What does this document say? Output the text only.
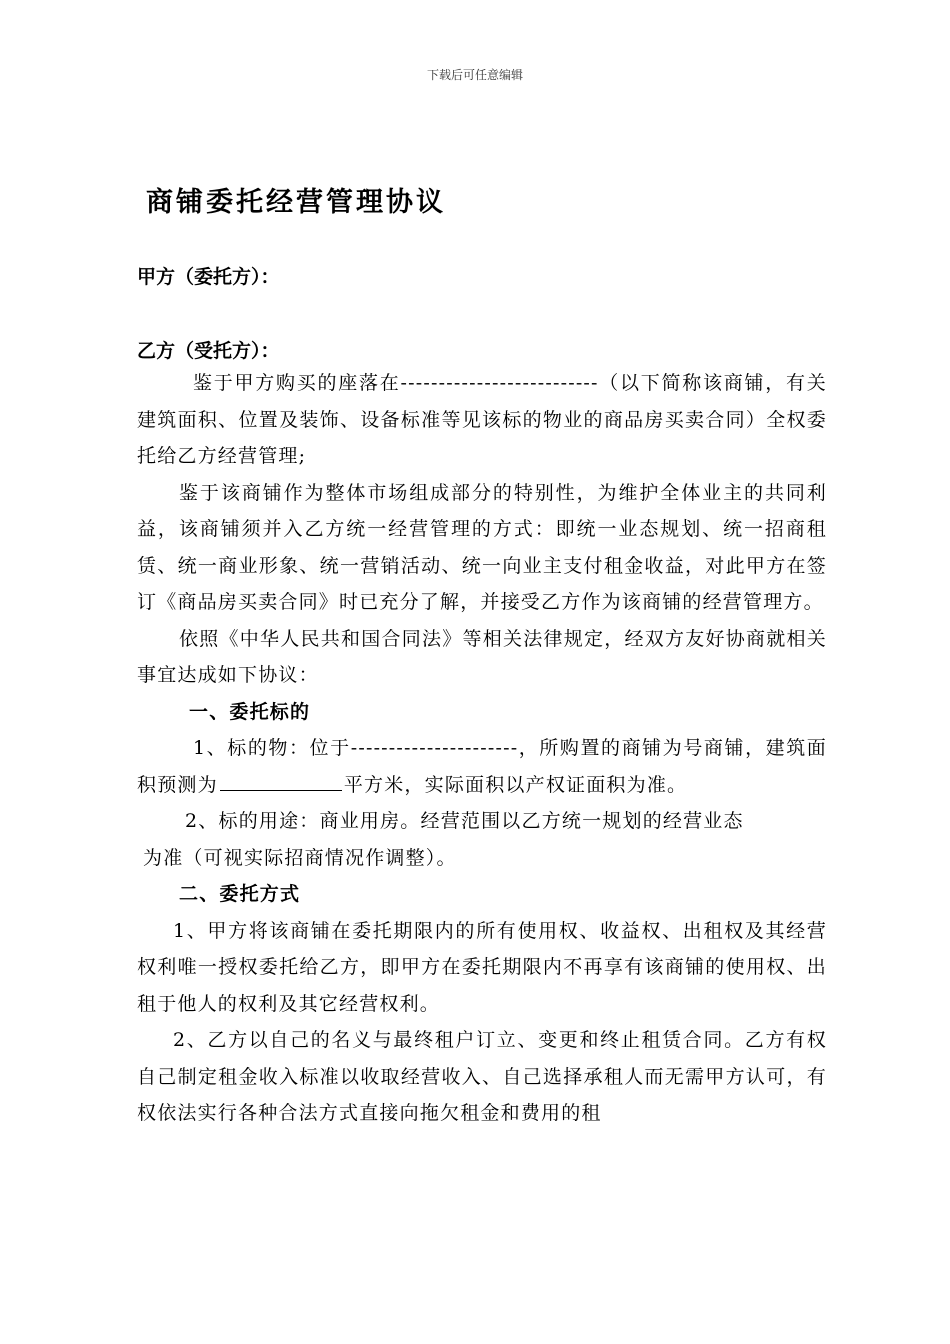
下载后可任意编辑
商铺委托经营管理协议
甲方（委托方）：
乙方（受托方）：

鉴于甲方购买的座落在--------------------------（以下简称该商铺，有关建筑面积、位置及装饰、设备标准等见该标的物业的商品房买卖合同）全权委托给乙方经营管理;

鉴于该商铺作为整体市场组成部分的特别性，为维护全体业主的共同利益，该商铺须并入乙方统一经营管理的方式：即统一业态规划、统一招商租赁、统一商业形象、统一营销活动、统一向业主支付租金收益，对此甲方在签订《商品房买卖合同》时已充分了解，并接受乙方作为该商铺的经营管理方。

依照《中华人民共和国合同法》等相关法律规定，经双方友好协商就相关事宜达成如下协议：

一、委托标的

1、标的物：位于----------------------，所购置的商铺为号商铺，建筑面积预测为	平方米，实际面积以产权证面积为准。

2、标的用途：商业用房。经营范围以乙方统一规划的经营业态

为准（可视实际招商情况作调整）。

二、委托方式

1、甲方将该商铺在委托期限内的所有使用权、收益权、出租权及其经营权利唯一授权委托给乙方，即甲方在委托期限内不再享有该商铺的使用权、出租于他人的权利及其它经营权利。

2、乙方以自己的名义与最终租户订立、变更和终止租赁合同。乙方有权自己制定租金收入标准以收取经营收入、自己选择承租人而无需甲方认可，有权依法实行各种合法方式直接向拖欠租金和费用的租
